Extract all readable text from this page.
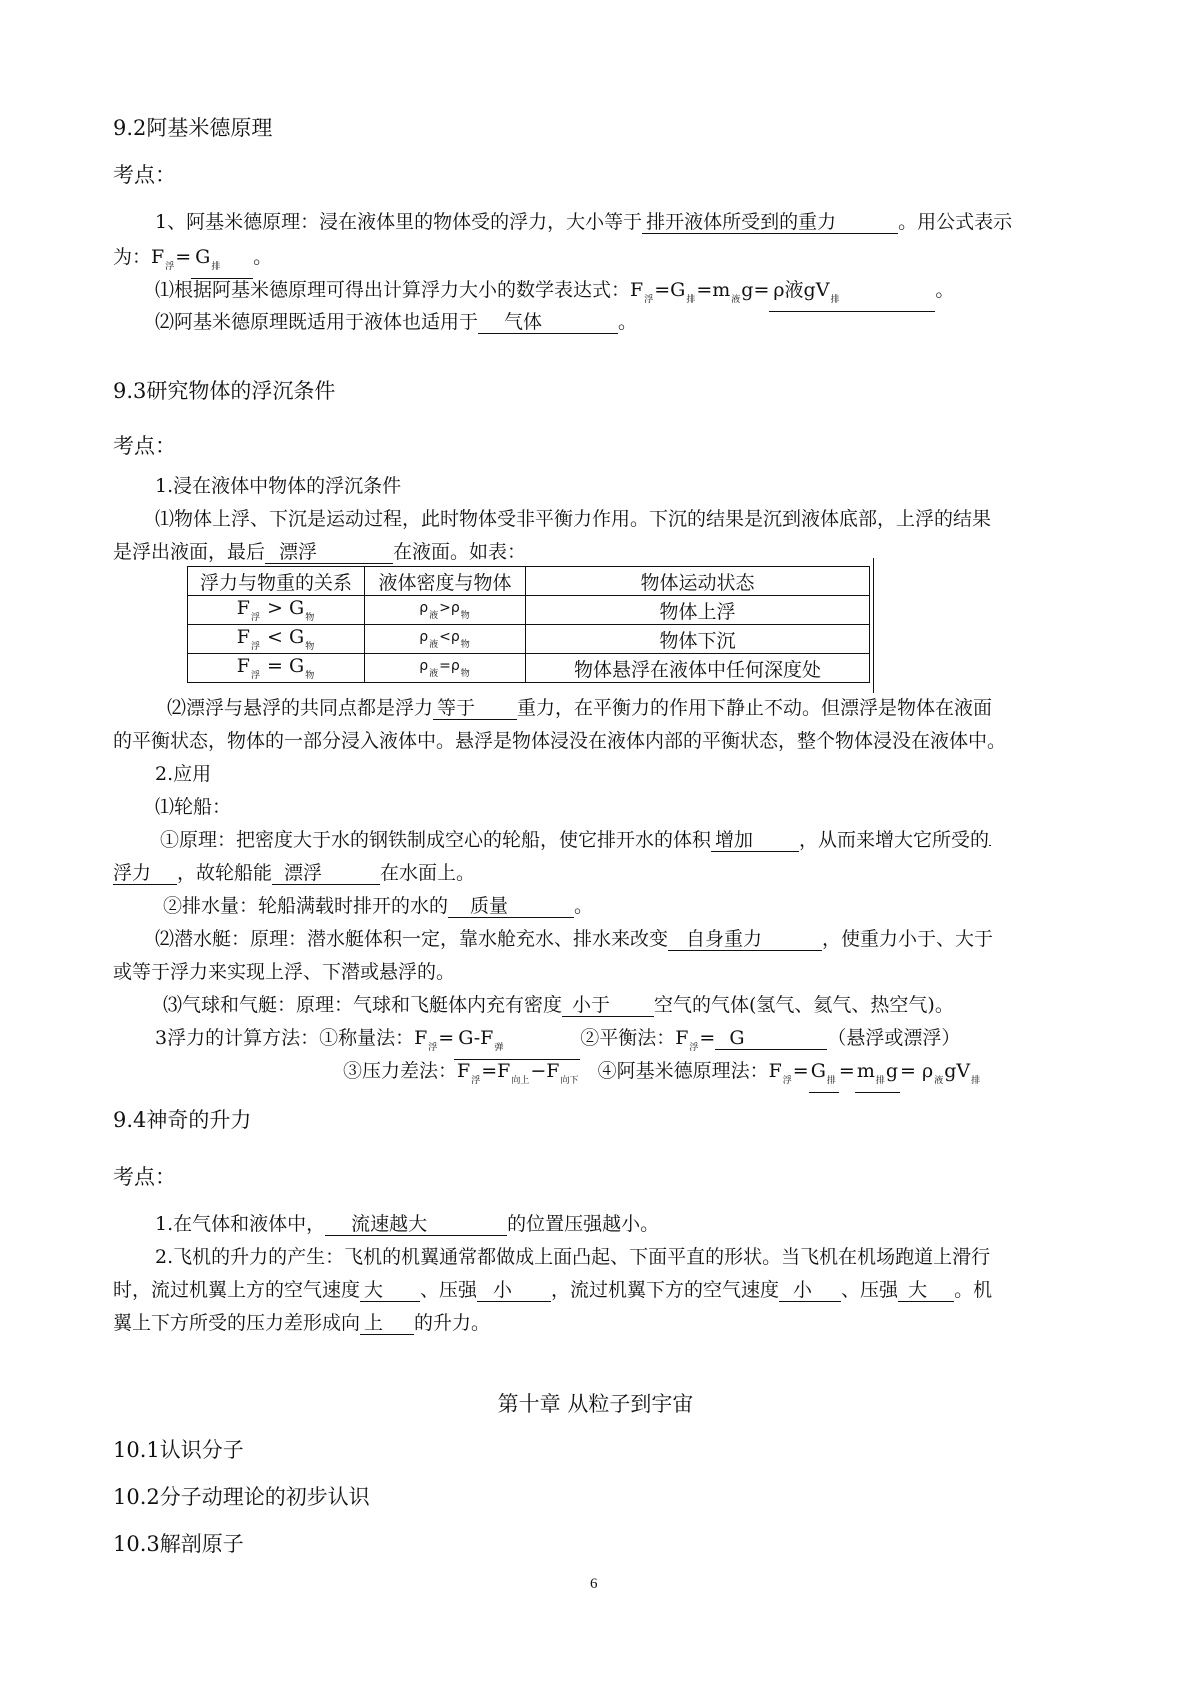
9.2阿基米德原理
考点：
1、阿基米德原理：浸在液体里的物体受的浮力，大小等于 排开液体所受到的重力	。用公式表示
为：$F_浮= G_排$ 。
⑴根据阿基米德原理可得出计算浮力大小的数学表达式：$F_浮=G_排=m_液g= \rho$液$gV_排$	。
⑵阿基米德原理既适用于液体也适用于 气体	。
9.3研究物体的浮沉条件
考点：
1.浸在液体中物体的浮沉条件
⑴物体上浮、下沉是运动过程，此时物体受非平衡力作用。下沉的结果是沉到液体底部，上浮的结果
是浮出液面，最后 漂浮	在液面。如表：
浮力与物重的关系	液体密度与物体	物体运动状态
$F_浮 > G_物$	$\rho_液>\rho_物$	物体上浮
$F_浮 < G_物$	$\rho_液<\rho_物$	物体下沉
$F_浮 = G_物$	$\rho_液=\rho_物$	物体悬浮在液体中任何深度处
⑵漂浮与悬浮的共同点都是浮力 等于 重力，在平衡力的作用下静止不动。但漂浮是物体在液面
的平衡状态，物体的一部分浸入液体中。悬浮是物体浸没在液体内部的平衡状态，整个物体浸没在液体中。
2.应用
⑴轮船：
①原理：把密度大于水的钢铁制成空心的轮船，使它排开水的体积 增加 ，从而来增大它所受的
浮力 ，故轮船能 漂浮	在水面上。
②排水量：轮船满载时排开的水的 质量	。
⑵潜水艇：原理：潜水艇体积一定，靠水舱充水、排水来改变 自身重力	，使重力小于、大于
或等于浮力来实现上浮、下潜或悬浮的。
⑶气球和气艇：原理：气球和飞艇体内充有密度 小于 空气的气体(氢气、氦气、热空气)。
3浮力的计算方法：①称量法：$F_浮= G-F_弹$	②平衡法：$F_浮= G$	（悬浮或漂浮）
③压力差法：$F_浮=F_{向上}-F_{向下}$ ④阿基米德原理法：$F_浮= G_排 = m_排g = \rho_液gV_排$
9.4神奇的升力
考点：
1.在气体和液体中， 流速越大	的位置压强越小。
2.飞机的升力的产生：飞机的机翼通常都做成上面凸起、下面平直的形状。当飞机在机场跑道上滑行
时，流过机翼上方的空气速度 大 、压强 小 ，流过机翼下方的空气速度 小 、压强 大 。机
翼上下方所受的压力差形成向 上 的升力。
第十章 从粒子到宇宙
10.1认识分子
10.2分子动理论的初步认识
10.3解剖原子
6
